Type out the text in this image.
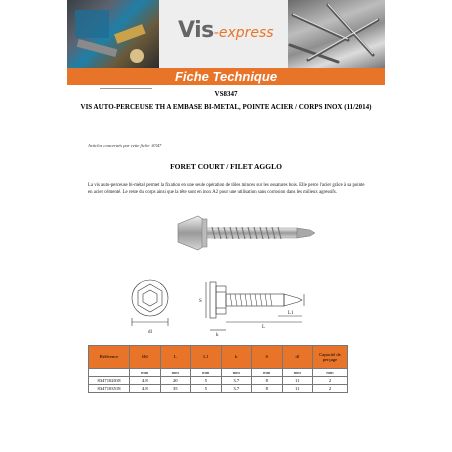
Vis-express
Fiche Technique
VS8347
VIS AUTO-PERCEUSE TH A EMBASE BI-METAL, POINTE ACIER / CORPS INOX (11/2014)
Articles concernés par cette fiche :8347
FORET COURT / FILET AGGLO
La vis auto-perceuse bi-métal permet la fixation en une seule opération de tôles minces sur les ossatures bois. Elle perce l'acier grâce à sa pointe en acier cémenté. Le reste du corps ainsi que la tête sont en inox A2 pour une utilisation sans corrosion dans les milieux agressifs.
dl
S
k
L
L1
Référence	Ød	L	L1	k	S	dl	Capacité de perçage
	mm	mm	mm	mm	mm	mm	mm
8347102018	4.8	20	5	3.7	8	11	2
8347103518	4.8	35	5	3.7	8	11	2
